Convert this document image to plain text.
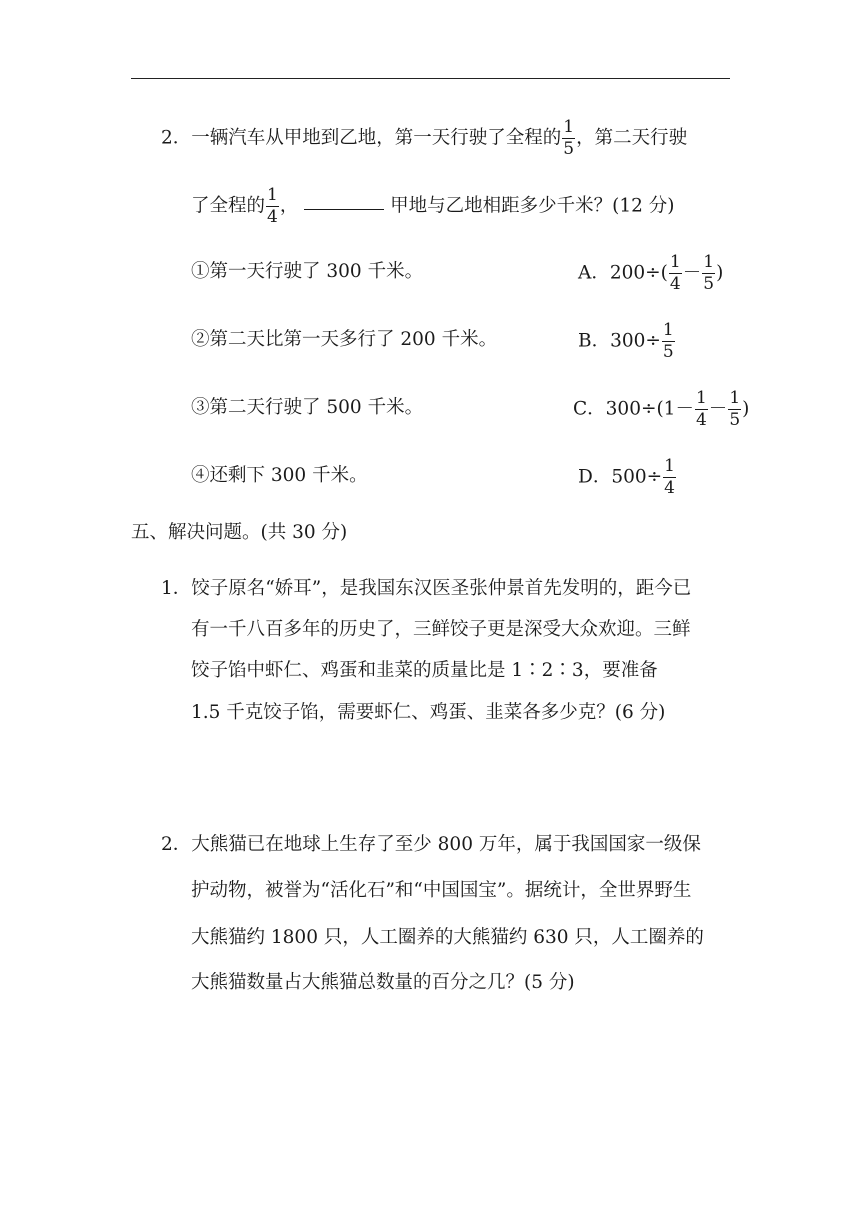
2．一辆汽车从甲地到乙地，第一天行驶了全程的 $\frac{1}{5}$ ，第二天行驶
了全程的 $\frac{1}{4}$ ，	甲地与乙地相距多少千米？(12 分)
①第一天行驶了 300 千米。
②第二天比第一天多行了 200 千米。
③第二天行驶了 500 千米。
④还剩下 300 千米。
A．$200\div( \frac{1}{4} - \frac{1}{5}$ )
B．$300\div \frac{1}{5}$
C．$300\div(1- \frac{1}{4} - \frac{1}{5}$ )
D．$500\div \frac{1}{4}$
五、解决问题。(共 30 分)
1．饺子原名“娇耳”，是我国东汉医圣张仲景首先发明的，距今已
有一千八百多年的历史了，三鲜饺子更是深受大众欢迎。三鲜
饺子馅中虾仁、鸡蛋和韭菜的质量比是 1∶2∶3，要准备
1.5 千克饺子馅，需要虾仁、鸡蛋、韭菜各多少克？(6 分)
2．大熊猫已在地球上生存了至少 800 万年，属于我国国家一级保
护动物，被誉为“活化石”和“中国国宝”。据统计，全世界野生
大熊猫约 1800 只，人工圈养的大熊猫约 630 只，人工圈养的
大熊猫数量占大熊猫总数量的百分之几？(5 分)
